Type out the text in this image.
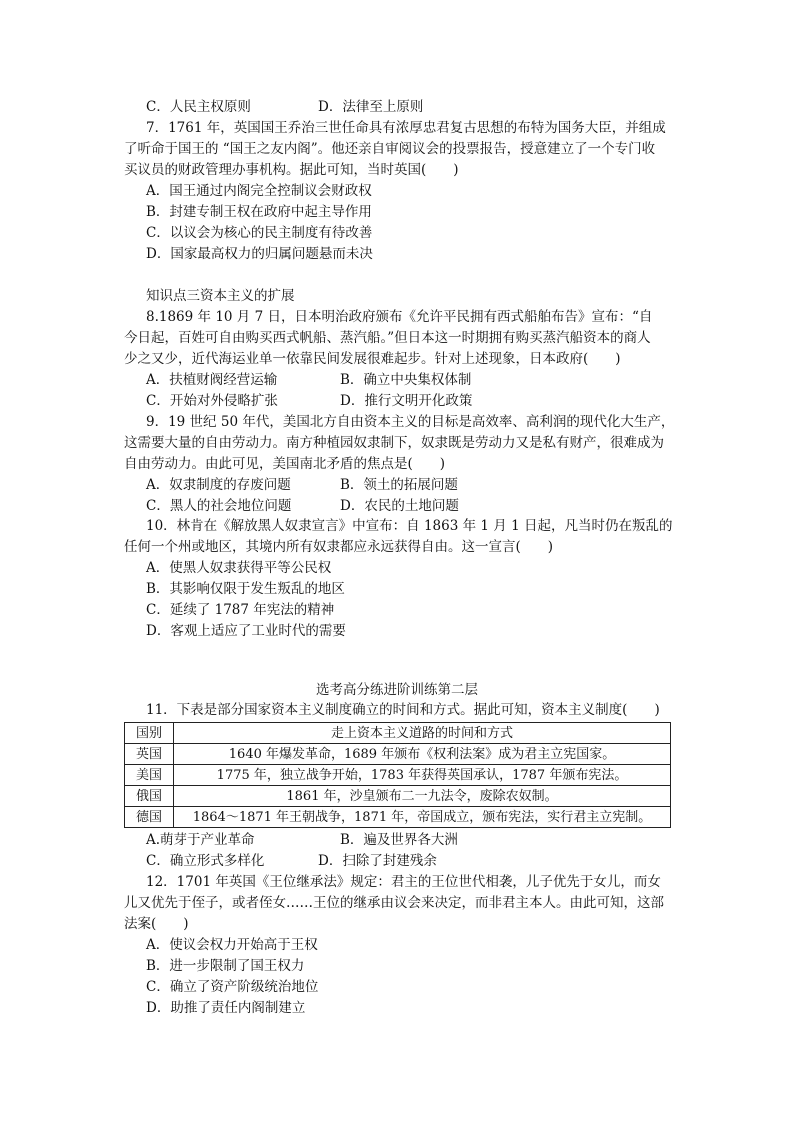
C．人民主权原则	D．法律至上原则
7．1761 年，英国国王乔治三世任命具有浓厚忠君复古思想的布特为国务大臣，并组成
了听命于国王的 “国王之友内阁”。他还亲自审阅议会的投票报告，授意建立了一个专门收
买议员的财政管理办事机构。据此可知，当时英国(　　)
A．国王通过内阁完全控制议会财政权
B．封建专制王权在政府中起主导作用
C．以议会为核心的民主制度有待改善
D．国家最高权力的归属问题悬而未决
知识点三资本主义的扩展
8.1869 年 10 月 7 日，日本明治政府颁布《允许平民拥有西式船舶布告》宣布：“自
今日起，百姓可自由购买西式帆船、蒸汽船。”但日本这一时期拥有购买蒸汽船资本的商人
少之又少，近代海运业单一依靠民间发展很难起步。针对上述现象，日本政府(　　)
A．扶植财阀经营运输	B．确立中央集权体制
C．开始对外侵略扩张	D．推行文明开化政策
9．19 世纪 50 年代，美国北方自由资本主义的目标是高效率、高利润的现代化大生产，
这需要大量的自由劳动力。南方种植园奴隶制下，奴隶既是劳动力又是私有财产，很难成为
自由劳动力。由此可见，美国南北矛盾的焦点是(　　)
A．奴隶制度的存废问题	B．领土的拓展问题
C．黑人的社会地位问题	D．农民的土地问题
10．林肯在《解放黑人奴隶宣言》中宣布：自 1863 年 1 月 1 日起，凡当时仍在叛乱的
任何一个州或地区，其境内所有奴隶都应永远获得自由。这一宣言(　　)
A．使黑人奴隶获得平等公民权
B．其影响仅限于发生叛乱的地区
C．延续了 1787 年宪法的精神
D．客观上适应了工业时代的需要
选考高分练进阶训练第二层
11．下表是部分国家资本主义制度确立的时间和方式。据此可知，资本主义制度(　　)
国别	走上资本主义道路的时间和方式
英国	1640 年爆发革命，1689 年颁布《权利法案》成为君主立宪国家。
美国	1775 年，独立战争开始，1783 年获得英国承认，1787 年颁布宪法。
俄国	1861 年，沙皇颁布二一九法令，废除农奴制。
德国	1864～1871 年王朝战争，1871 年，帝国成立，颁布宪法，实行君主立宪制。
A.萌芽于产业革命	B．遍及世界各大洲
C．确立形式多样化	D．扫除了封建残余
12．1701 年英国《王位继承法》规定：君主的王位世代相袭，儿子优先于女儿，而女
儿又优先于侄子，或者侄女……王位的继承由议会来决定，而非君主本人。由此可知，这部
法案(　　)
A．使议会权力开始高于王权
B．进一步限制了国王权力
C．确立了资产阶级统治地位
D．助推了责任内阁制建立
